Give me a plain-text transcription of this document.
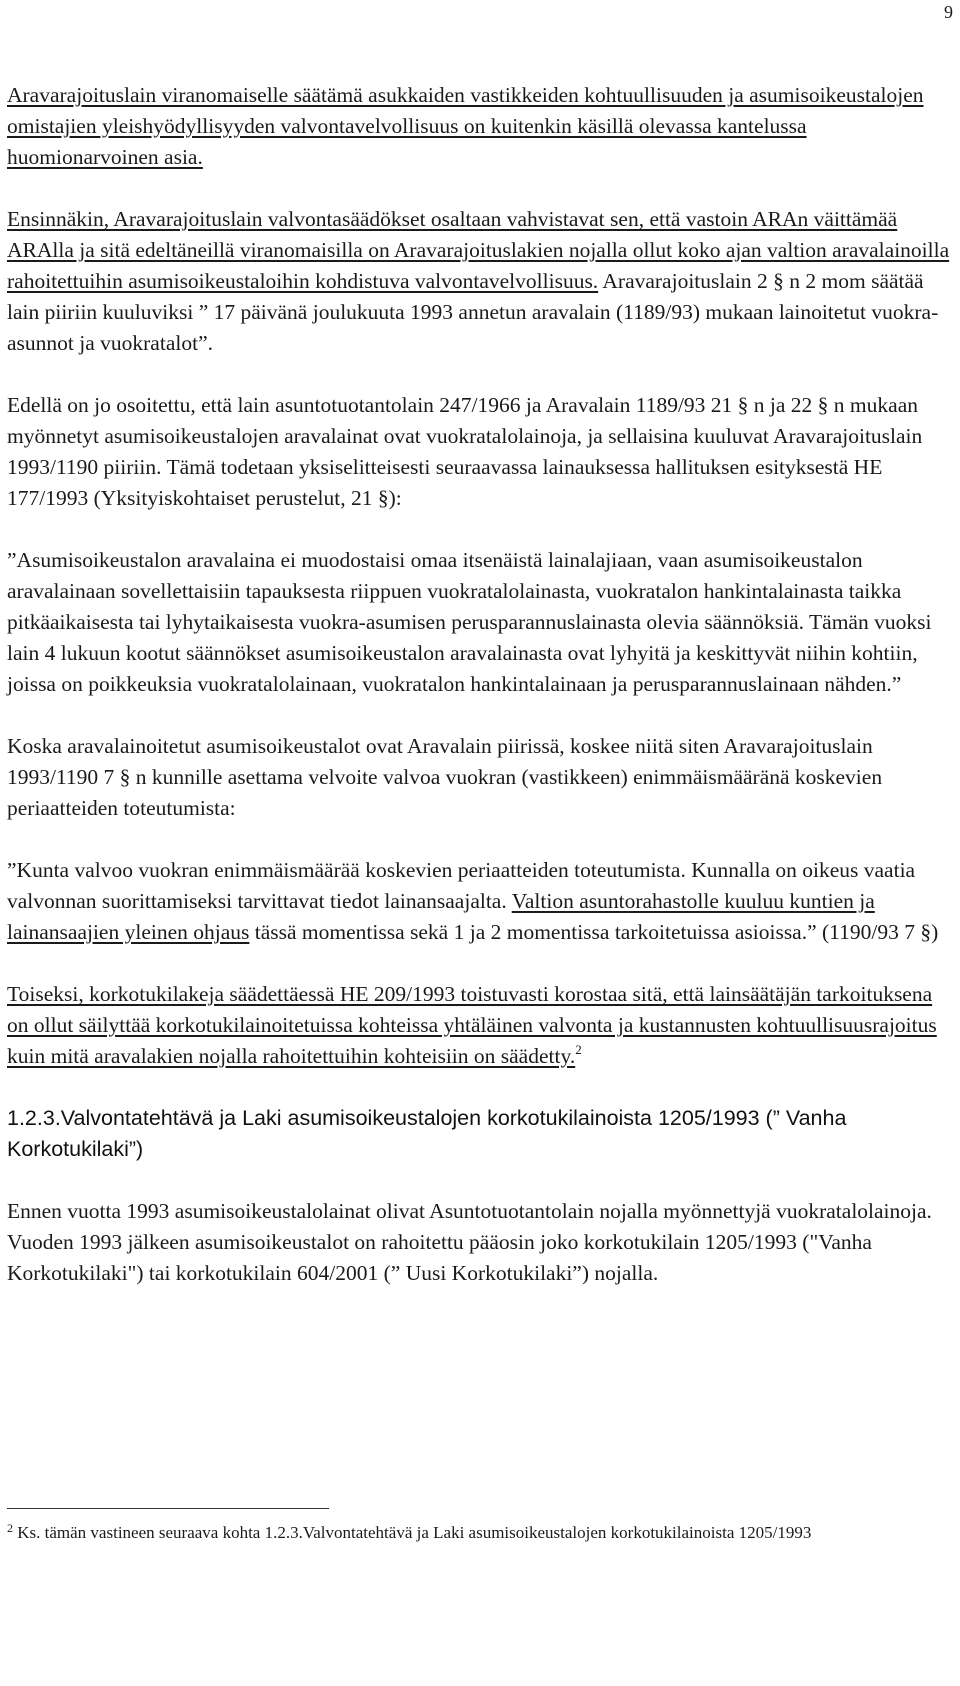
9

Aravarajoituslain viranomaiselle säätämä asukkaiden vastikkeiden kohtuullisuuden ja asumisoikeustalojen omistajien yleishyödyllisyyden valvontavelvollisuus on kuitenkin käsillä olevassa kantelussa huomionarvoinen asia.

Ensinnäkin, Aravarajoituslain valvontasäädökset osaltaan vahvistavat sen, että vastoin ARAn väittämää ARAlla ja sitä edeltäneillä viranomaisilla on Aravarajoituslakien nojalla ollut koko ajan valtion aravalainoilla rahoitettuihin asumisoikeustaloihin kohdistuva valvontavelvollisuus. Aravarajoituslain 2 § n 2 mom säätää lain piiriin kuuluviksi ” 17 päivänä joulukuuta 1993 annetun aravalain (1189/93) mukaan lainoitetut vuokra-asunnot ja vuokratalot”.

Edellä on jo osoitettu, että lain asuntotuotantolain 247/1966 ja Aravalain 1189/93 21 § n ja 22 § n mukaan myönnetyt asumisoikeustalojen aravalainat ovat vuokratalolainoja, ja sellaisina kuuluvat Aravarajoituslain 1993/1190 piiriin. Tämä todetaan yksiselitteisesti seuraavassa lainauksessa hallituksen esityksestä HE 177/1993 (Yksityiskohtaiset perustelut, 21 §):

”Asumisoikeustalon aravalaina ei muodostaisi omaa itsenäistä lainalajiaan, vaan asumisoikeustalon aravalainaan sovellettaisiin tapauksesta riippuen vuokratalolainasta, vuokratalon hankintalainasta taikka pitkäaikaisesta tai lyhytaikaisesta vuokra-asumisen perusparannuslainasta olevia säännöksiä. Tämän vuoksi lain 4 lukuun kootut säännökset asumisoikeustalon aravalainasta ovat lyhyitä ja keskittyvät niihin kohtiin, joissa on poikkeuksia vuokratalolainaan, vuokratalon hankintalainaan ja perusparannuslainaan nähden.”

Koska aravalainoitetut asumisoikeustalot ovat Aravalain piirissä, koskee niitä siten Aravarajoituslain 1993/1190 7 § n kunnille asettama velvoite valvoa vuokran (vastikkeen) enimmäismääränä koskevien periaatteiden toteutumista:

”Kunta valvoo vuokran enimmäismäärää koskevien periaatteiden toteutumista. Kunnalla on oikeus vaatia valvonnan suorittamiseksi tarvittavat tiedot lainansaajalta. Valtion asuntorahastolle kuuluu kuntien ja lainansaajien yleinen ohjaus tässä momentissa sekä 1 ja 2 momentissa tarkoitetuissa asioissa.” (1190/93 7 §)

Toiseksi, korkotukilakeja säädettäessä HE 209/1993 toistuvasti korostaa sitä, että lainsäätäjän tarkoituksena on ollut säilyttää korkotukilainoitetuissa kohteissa yhtäläinen valvonta ja kustannusten kohtuullisuusrajoitus kuin mitä aravalakien nojalla rahoitettuihin kohteisiin on säädetty.$^2$

1.2.3.Valvontatehtävä ja Laki asumisoikeustalojen korkotukilainoista 1205/1993 (” Vanha Korkotukilaki”)

Ennen vuotta 1993 asumisoikeustalolainat olivat Asuntotuotantolain nojalla myönnettyjä vuokratalolainoja. Vuoden 1993 jälkeen asumisoikeustalot on rahoitettu pääosin joko korkotukilain 1205/1993 ("Vanha Korkotukilaki") tai korkotukilain 604/2001 (” Uusi Korkotukilaki”) nojalla.

$^2$ Ks. tämän vastineen seuraava kohta 1.2.3.Valvontatehtävä ja Laki asumisoikeustalojen korkotukilainoista 1205/1993
